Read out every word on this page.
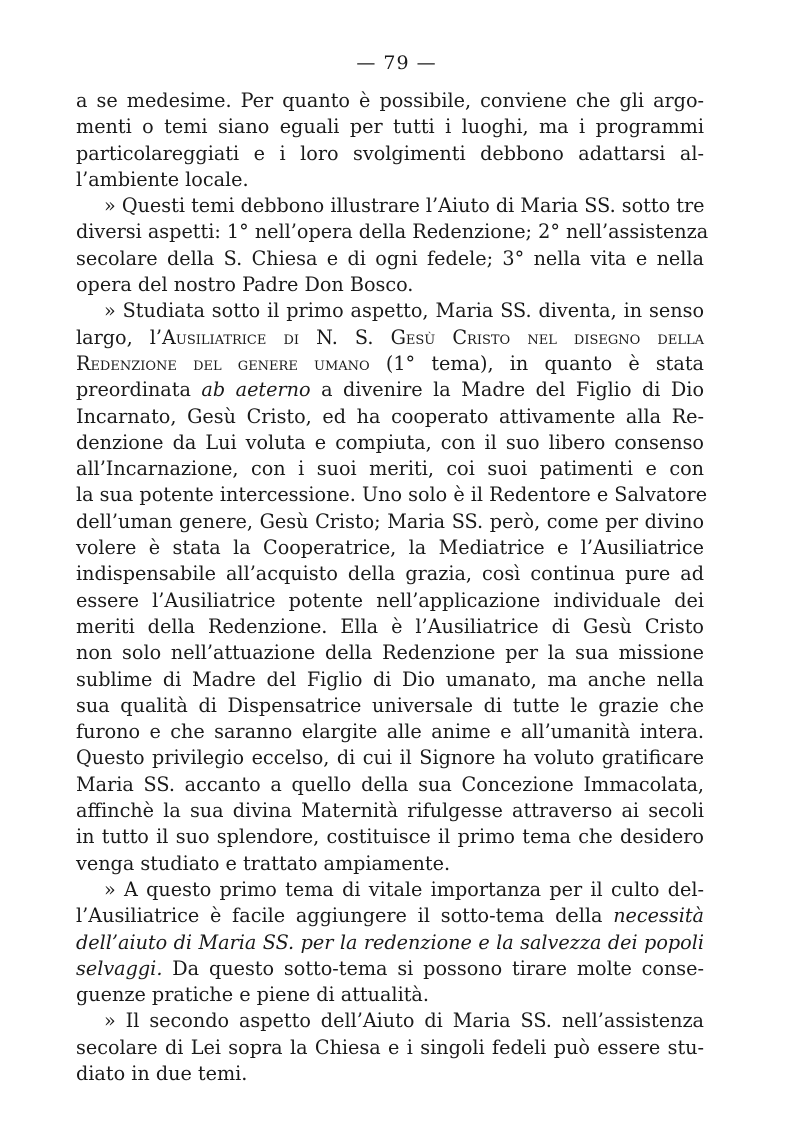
— 79 —
a se medesime. Per quanto è possibile, conviene che gli argo-
menti o temi siano eguali per tutti i luoghi, ma i programmi
particolareggiati e i loro svolgimenti debbono adattarsi al-
l’ambiente locale.
» Questi temi debbono illustrare l’Aiuto di Maria SS. sotto tre
diversi aspetti: 1° nell’opera della Redenzione; 2° nell’assistenza
secolare della S. Chiesa e di ogni fedele; 3° nella vita e nella
opera del nostro Padre Don Bosco.
» Studiata sotto il primo aspetto, Maria SS. diventa, in senso
largo, l’Ausiliatrice di N. S. Gesù Cristo nel disegno della
Redenzione del genere umano (1° tema), in quanto è stata
preordinata ab aeterno a divenire la Madre del Figlio di Dio
Incarnato, Gesù Cristo, ed ha cooperato attivamente alla Re-
denzione da Lui voluta e compiuta, con il suo libero consenso
all’Incarnazione, con i suoi meriti, coi suoi patimenti e con
la sua potente intercessione. Uno solo è il Redentore e Salvatore
dell’uman genere, Gesù Cristo; Maria SS. però, come per divino
volere è stata la Cooperatrice, la Mediatrice e l’Ausiliatrice
indispensabile all’acquisto della grazia, così continua pure ad
essere l’Ausiliatrice potente nell’applicazione individuale dei
meriti della Redenzione. Ella è l’Ausiliatrice di Gesù Cristo
non solo nell’attuazione della Redenzione per la sua missione
sublime di Madre del Figlio di Dio umanato, ma anche nella
sua qualità di Dispensatrice universale di tutte le grazie che
furono e che saranno elargite alle anime e all’umanità intera.
Questo privilegio eccelso, di cui il Signore ha voluto gratificare
Maria SS. accanto a quello della sua Concezione Immacolata,
affinchè la sua divina Maternità rifulgesse attraverso ai secoli
in tutto il suo splendore, costituisce il primo tema che desidero
venga studiato e trattato ampiamente.
» A questo primo tema di vitale importanza per il culto del-
l’Ausiliatrice è facile aggiungere il sotto-tema della necessità
dell’aiuto di Maria SS. per la redenzione e la salvezza dei popoli
selvaggi. Da questo sotto-tema si possono tirare molte conse-
guenze pratiche e piene di attualità.
» Il secondo aspetto dell’Aiuto di Maria SS. nell’assistenza
secolare di Lei sopra la Chiesa e i singoli fedeli può essere stu-
diato in due temi.
